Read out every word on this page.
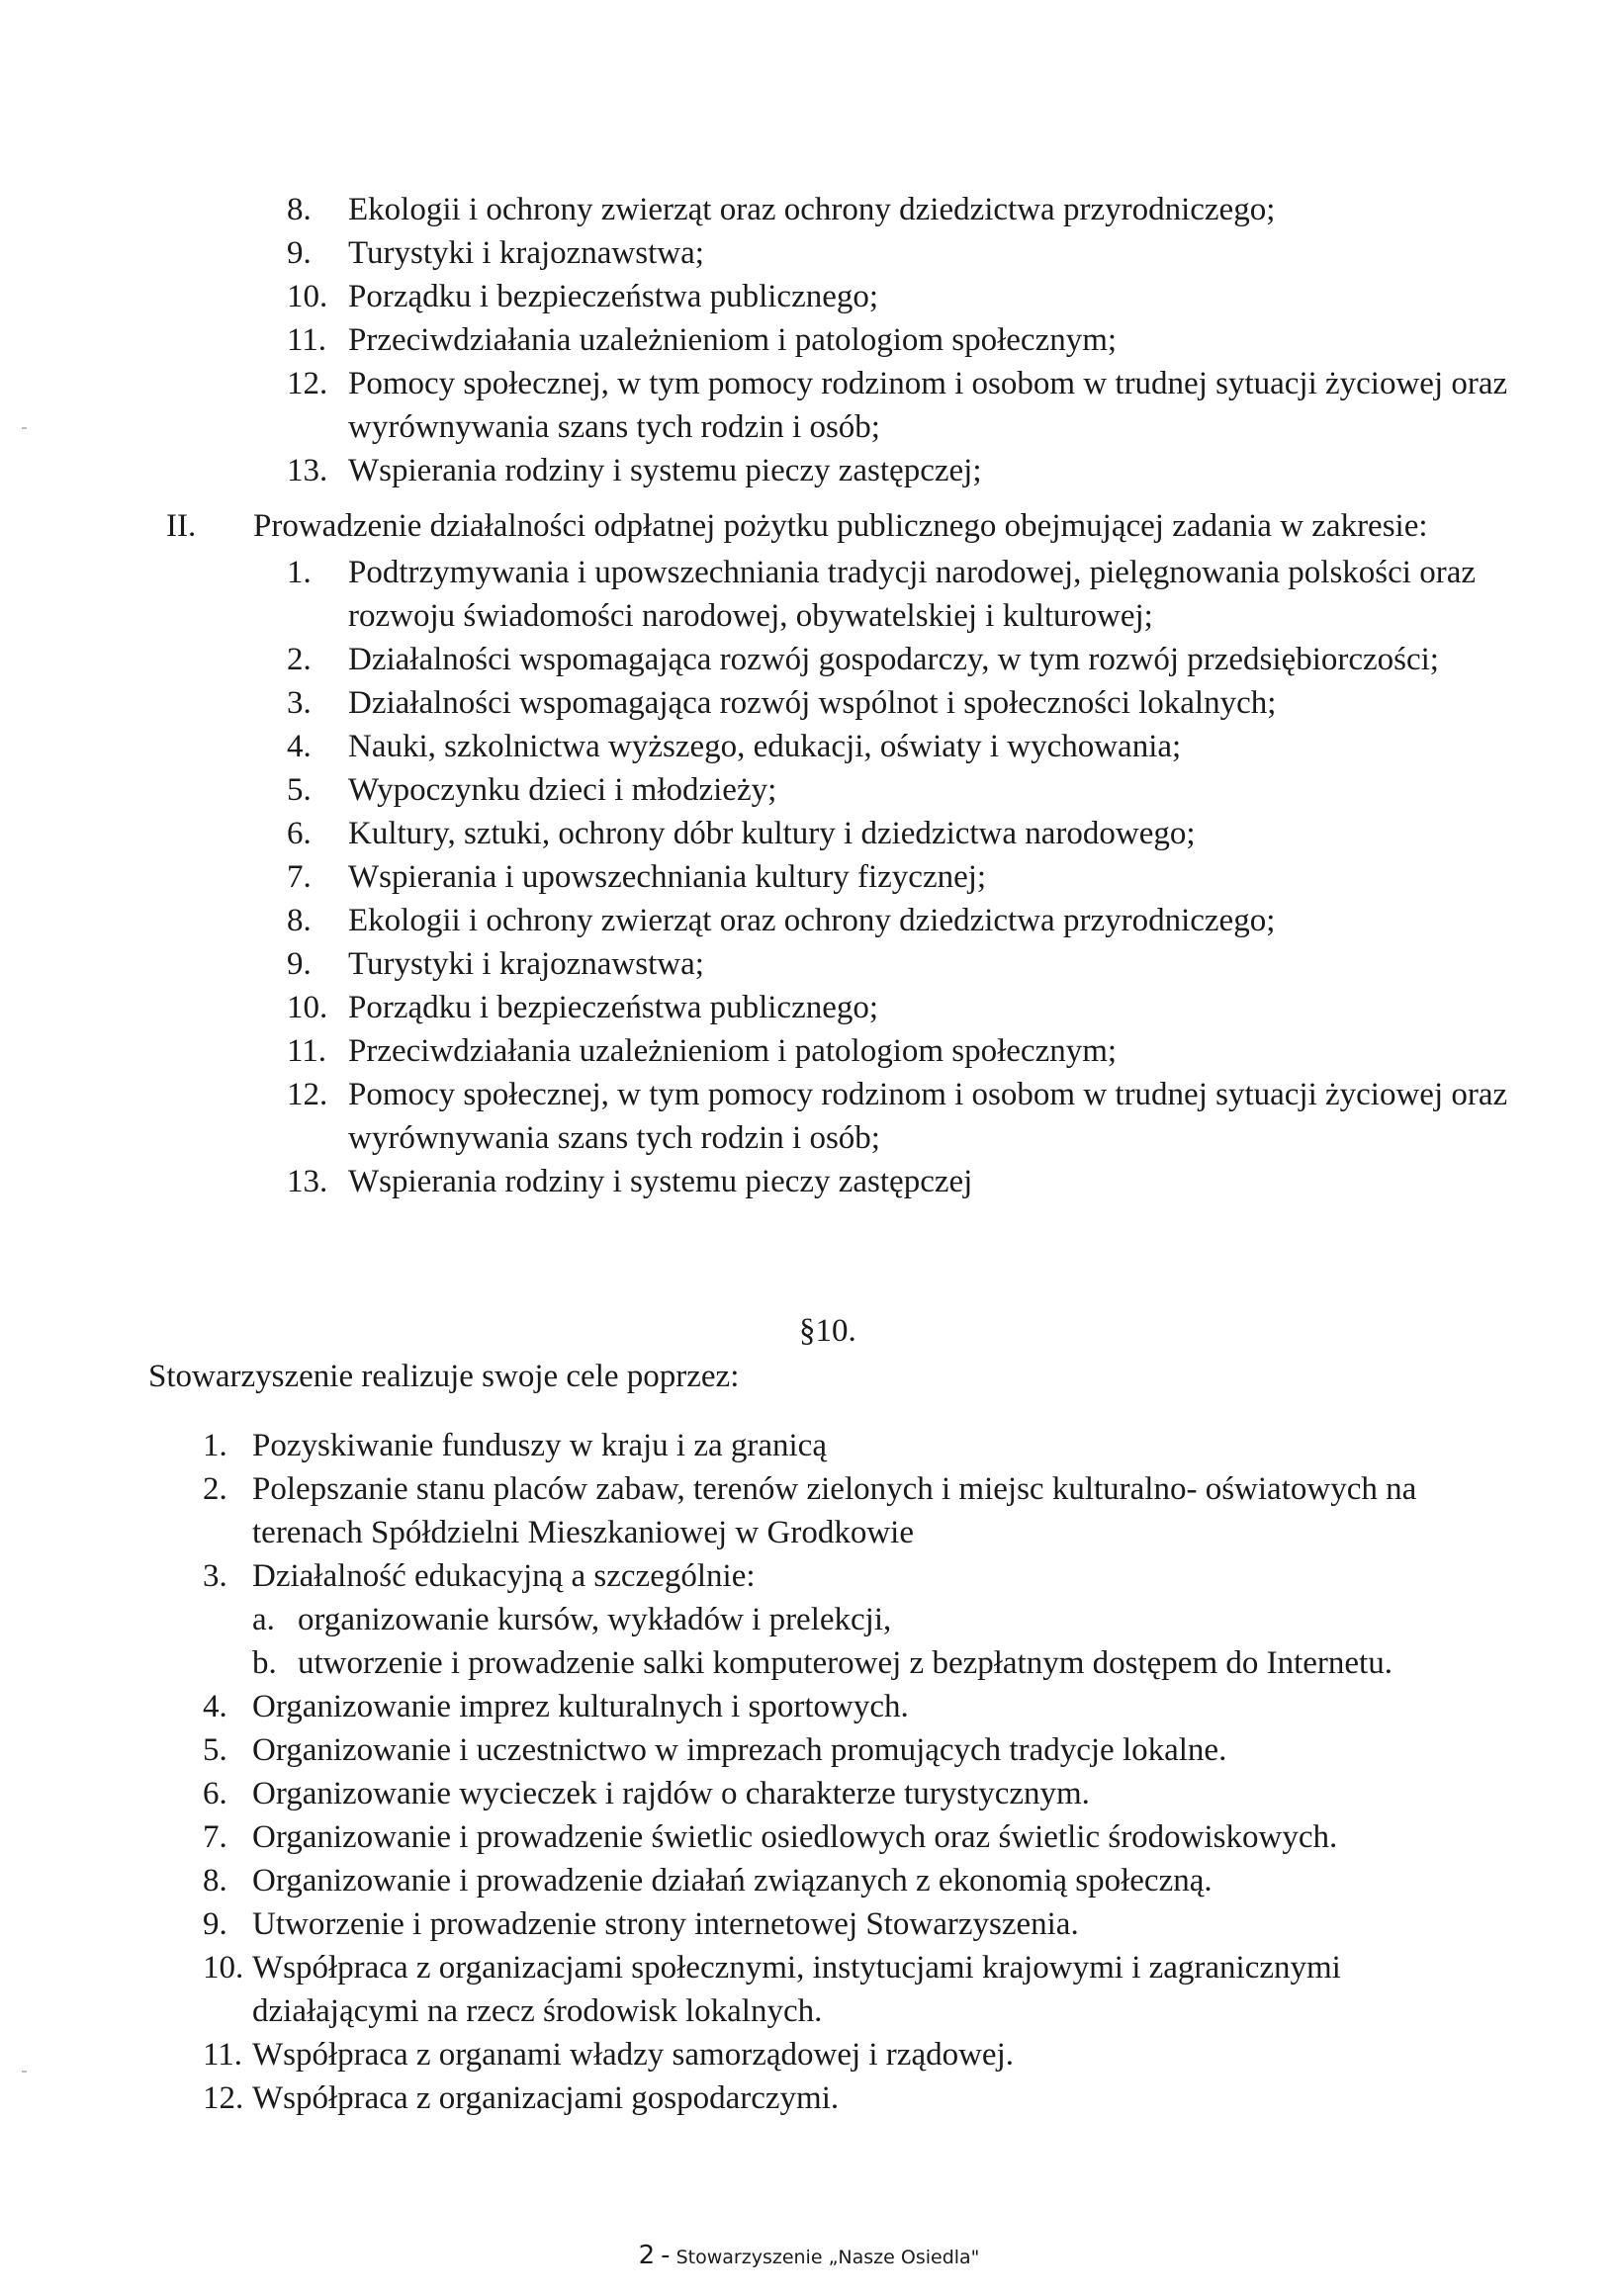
8.	Ekologii i ochrony zwierząt oraz ochrony dziedzictwa przyrodniczego;
9.	Turystyki i krajoznawstwa;
10. Porządku i bezpieczeństwa publicznego;
11. Przeciwdziałania uzależnieniom i patologiom społecznym;
12. Pomocy społecznej, w tym pomocy rodzinom i osobom w trudnej sytuacji życiowej oraz wyrównywania szans tych rodzin i osób;
13. Wspierania rodziny i systemu pieczy zastępczej;
II. Prowadzenie działalności odpłatnej pożytku publicznego obejmującej zadania w zakresie:
1.	Podtrzymywania i upowszechniania tradycji narodowej, pielęgnowania polskości oraz rozwoju świadomości narodowej, obywatelskiej i kulturowej;
2.	Działalności wspomagająca rozwój gospodarczy, w tym rozwój przedsiębiorczości;
3.	Działalności wspomagająca rozwój wspólnot i społeczności lokalnych;
4.	Nauki, szkolnictwa wyższego, edukacji, oświaty i wychowania;
5.	Wypoczynku dzieci i młodzieży;
6.	Kultury, sztuki, ochrony dóbr kultury i dziedzictwa narodowego;
7.	Wspierania i upowszechniania kultury fizycznej;
8.	Ekologii i ochrony zwierząt oraz ochrony dziedzictwa przyrodniczego;
9.	Turystyki i krajoznawstwa;
10. Porządku i bezpieczeństwa publicznego;
11. Przeciwdziałania uzależnieniom i patologiom społecznym;
12. Pomocy społecznej, w tym pomocy rodzinom i osobom w trudnej sytuacji życiowej oraz wyrównywania szans tych rodzin i osób;
13. Wspierania rodziny i systemu pieczy zastępczej
§10.
Stowarzyszenie realizuje swoje cele poprzez:
1. Pozyskiwanie funduszy w kraju i za granicą
2. Polepszanie stanu placów zabaw, terenów zielonych i miejsc kulturalno- oświatowych na terenach Spółdzielni Mieszkaniowej w Grodkowie
3. Działalność edukacyjną a szczególnie:
a. organizowanie kursów, wykładów i prelekcji,
b. utworzenie i prowadzenie salki komputerowej z bezpłatnym dostępem do Internetu.
4. Organizowanie imprez kulturalnych i sportowych.
5. Organizowanie i uczestnictwo w imprezach promujących tradycje lokalne.
6. Organizowanie wycieczek i rajdów o charakterze turystycznym.
7. Organizowanie i prowadzenie świetlic osiedlowych oraz świetlic środowiskowych.
8. Organizowanie i prowadzenie działań związanych z ekonomią społeczną.
9. Utworzenie i prowadzenie strony internetowej Stowarzyszenia.
10. Współpraca z organizacjami społecznymi, instytucjami krajowymi i zagranicznymi działającymi na rzecz środowisk lokalnych.
11. Współpraca z organami władzy samorządowej i rządowej.
12. Współpraca z organizacjami gospodarczymi.
2 - Stowarzyszenie „Nasze Osiedla"
